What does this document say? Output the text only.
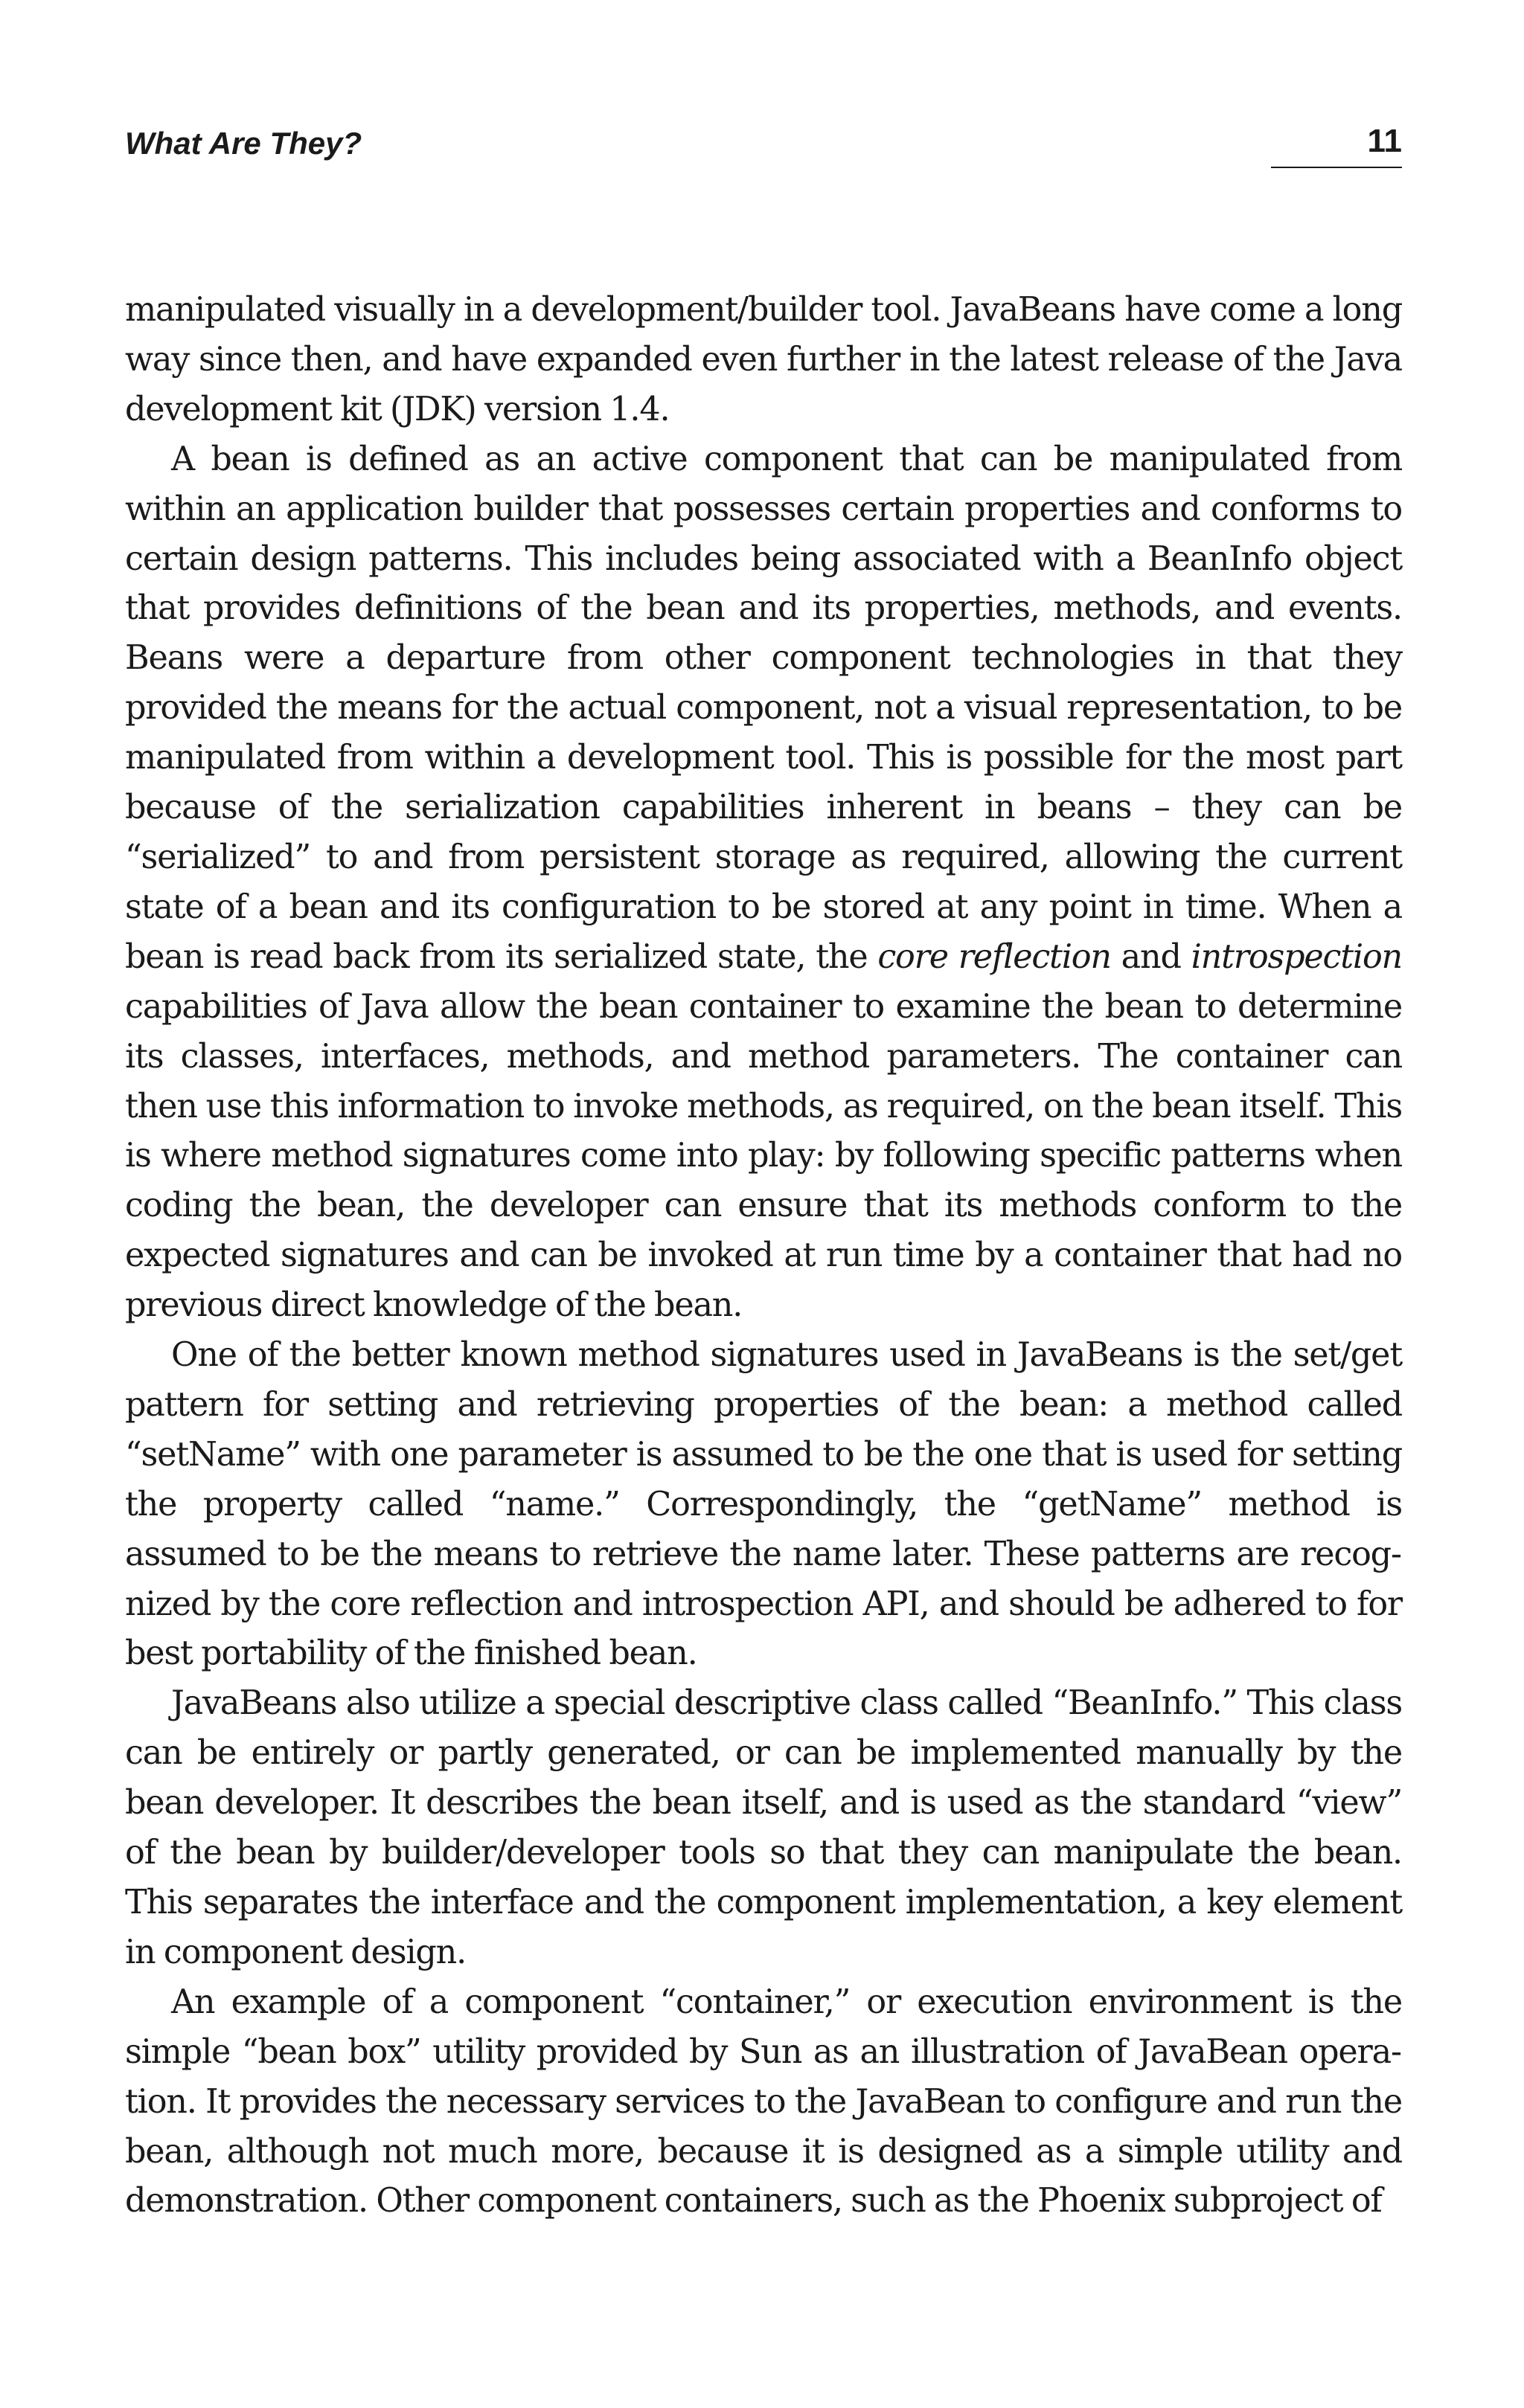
What Are They?	11

manipulated visually in a development/builder tool. JavaBeans have come a long way since then, and have expanded even further in the latest release of the Java development kit (JDK) version 1.4.

A bean is defined as an active component that can be manipulated from within an application builder that possesses certain properties and conforms to certain design patterns. This includes being associated with a BeanInfo object that provides definitions of the bean and its properties, methods, and events. Beans were a departure from other component technologies in that they provided the means for the actual component, not a visual representation, to be manipulated from within a development tool. This is possible for the most part because of the serialization capabilities inherent in beans – they can be “serialized” to and from persistent storage as required, allowing the current state of a bean and its configuration to be stored at any point in time. When a bean is read back from its serialized state, the core reflection and introspection capabilities of Java allow the bean container to examine the bean to determine its classes, interfaces, methods, and method parameters. The container can then use this information to invoke methods, as required, on the bean itself. This is where method signatures come into play: by following specific patterns when coding the bean, the developer can ensure that its methods conform to the expected signatures and can be invoked at run time by a container that had no previous direct knowledge of the bean.

One of the better known method signatures used in JavaBeans is the set/get pattern for setting and retrieving properties of the bean: a method called “setName” with one parameter is assumed to be the one that is used for setting the property called “name.” Correspondingly, the “getName” method is assumed to be the means to retrieve the name later. These patterns are recognized by the core reflection and introspection API, and should be adhered to for best portability of the finished bean.

JavaBeans also utilize a special descriptive class called “BeanInfo.” This class can be entirely or partly generated, or can be implemented manually by the bean developer. It describes the bean itself, and is used as the standard “view” of the bean by builder/developer tools so that they can manipulate the bean. This separates the interface and the component implementation, a key element in component design.

An example of a component “container,” or execution environment is the simple “bean box” utility provided by Sun as an illustration of JavaBean operation. It provides the necessary services to the JavaBean to configure and run the bean, although not much more, because it is designed as a simple utility and demonstration. Other component containers, such as the Phoenix subproject of
